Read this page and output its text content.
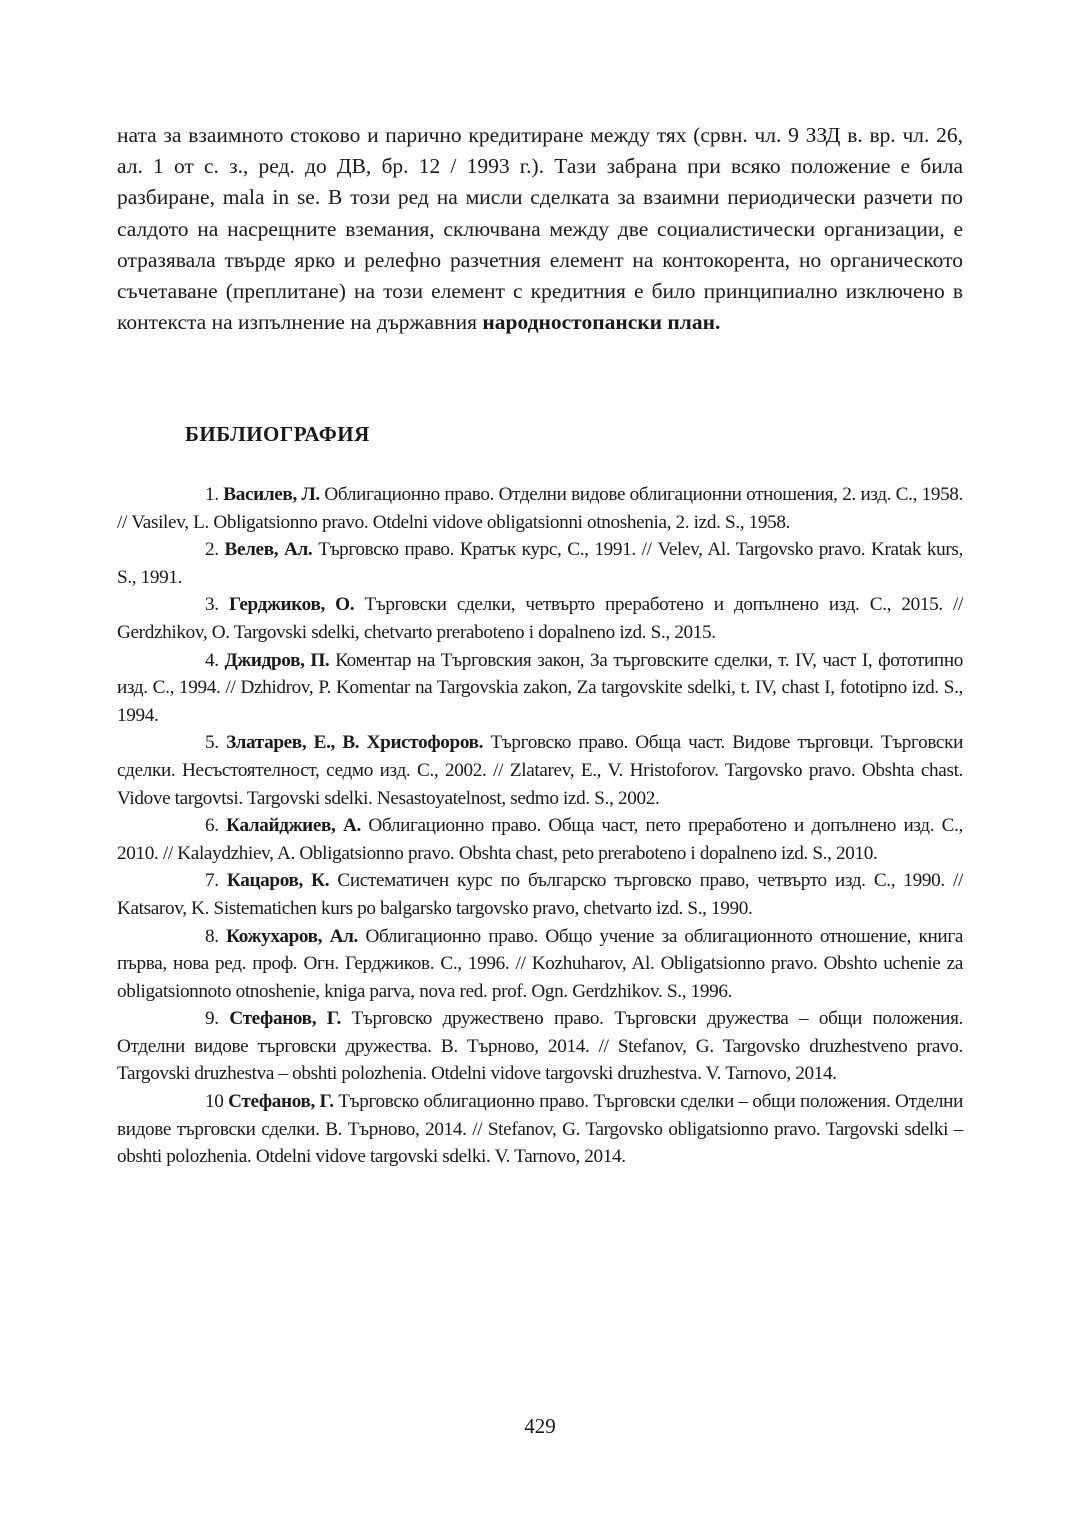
ната за взаимното стоково и парично кредитиране между тях (срвн. чл. 9 ЗЗД в. вр. чл. 26, ал. 1 от с. з., ред. до ДВ, бр. 12 / 1993 г.). Тази забрана при всяко положение е била разбиране, mala in se. В този ред на мисли сделката за взаимни периодически разчети по салдото на насрещните вземания, сключвана между две социалистически организации, е отразявала твърде ярко и релефно разчетния елемент на контокорента, но органическото съчетаване (преплитане) на този елемент с кредитния е било принципиално изключено в контекста на изпълнение на държавния народностопански план.

БИБЛИОГРАФИЯ

1. Василев, Л. Облигационно право. Отделни видове облигационни отношения, 2. изд. С., 1958. // Vasilev, L. Obligatsionno pravo. Otdelni vidove obligatsionni otnoshenia, 2. izd. S., 1958.

2. Велев, Ал. Търговско право. Кратък курс, С., 1991. // Velev, Al. Targovsko pravo. Kratak kurs, S., 1991.

3. Герджиков, О. Търговски сделки, четвърто преработено и допълнено изд. С., 2015. // Gerdzhikov, O. Targovski sdelki, chetvarto preraboteno i dopalneno izd. S., 2015.

4. Джидров, П. Коментар на Търговския закон, За търговските сделки, т. IV, част I, фототипно изд. С., 1994. // Dzhidrov, P. Komentar na Targovskia zakon, Za targovskite sdelki, t. IV, chast I, fototipno izd. S., 1994.

5. Златарев, Е., В. Христофоров. Търговско право. Обща част. Видове търговци. Търговски сделки. Несъстоятелност, седмо изд. С., 2002. // Zlatarev, E., V. Hristoforov. Targovsko pravo. Obshta chast. Vidove targovtsi. Targovski sdelki. Nesastoyatelnost, sedmo izd. S., 2002.

6. Калайджиев, А. Облигационно право. Обща част, пето преработено и допълнено изд. С., 2010. // Kalaydzhiev, A. Obligatsionno pravo. Obshta chast, peto preraboteno i dopalneno izd. S., 2010.

7. Кацаров, К. Систематичен курс по българско търговско право, четвърто изд. С., 1990. // Katsarov, K. Sistematichen kurs po balgarsko targovsko pravo, chetvarto izd. S., 1990.

8. Кожухаров, Ал. Облигационно право. Общо учение за облигационното отношение, книга първа, нова ред. проф. Огн. Герджиков. С., 1996. // Kozhuharov, Al. Obligatsionno pravo. Obshto uchenie za obligatsionnoto otnoshenie, kniga parva, nova red. prof. Ogn. Gerdzhikov. S., 1996.

9. Стефанов, Г. Търговско дружествено право. Търговски дружества – общи положения. Отделни видове търговски дружества. В. Търново, 2014. // Stefanov, G. Targovsko druzhestveno pravo. Targovski druzhestva – obshti polozhenia. Otdelni vidove targovski druzhestva. V. Tarnovo, 2014.

10 Стефанов, Г. Търговско облигационно право. Търговски сделки – общи положения. Отделни видове търговски сделки. В. Търново, 2014. // Stefanov, G. Targovsko obligatsionno pravo. Targovski sdelki – obshti polozhenia. Otdelni vidove targovski sdelki. V. Tarnovo, 2014.

429
